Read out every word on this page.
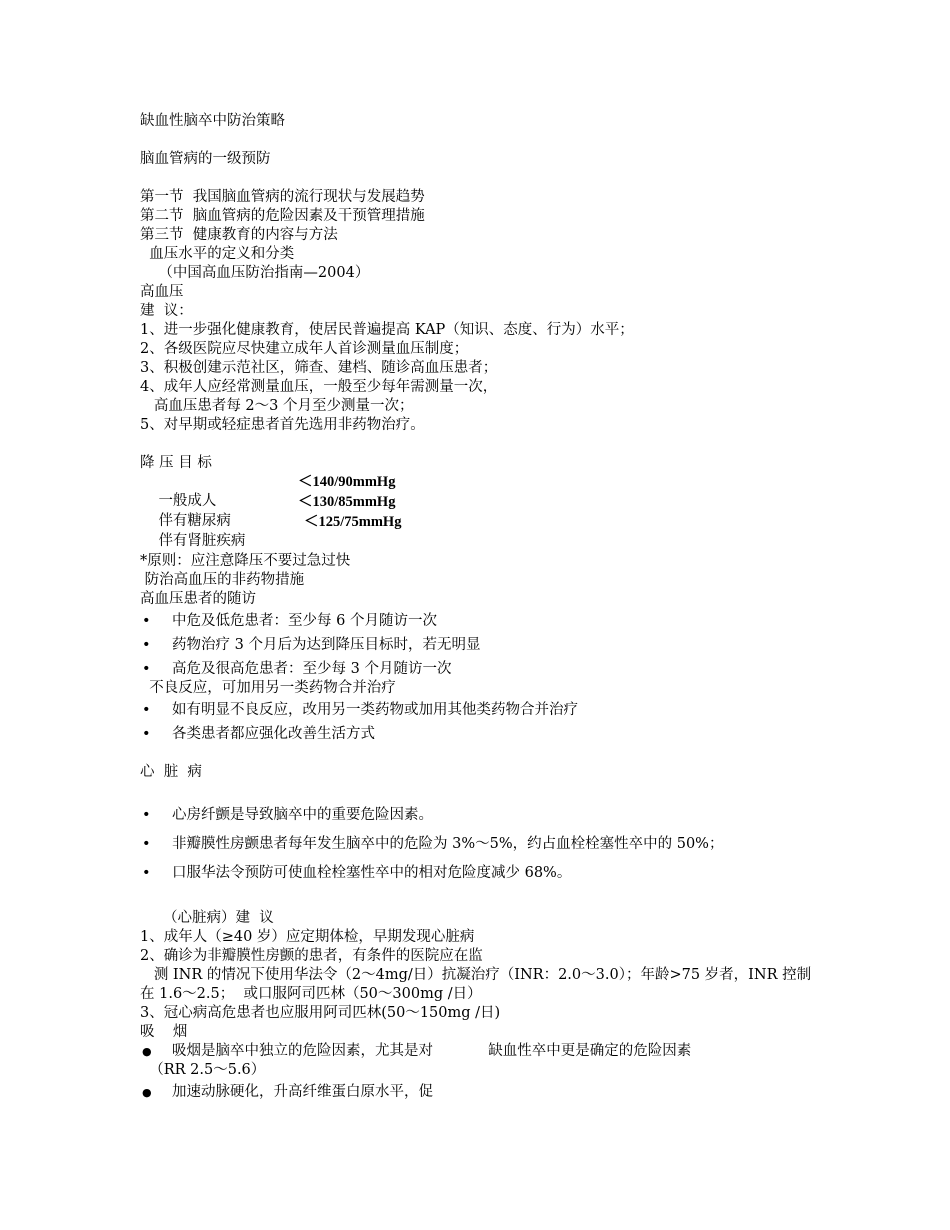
缺血性脑卒中防治策略
脑血管病的一级预防
第一节  我国脑血管病的流行现状与发展趋势
第二节  脑血管病的危险因素及干预管理措施
第三节  健康教育的内容与方法
血压水平的定义和分类
（中国高血压防治指南—2004）
高血压
建  议：
1、进一步强化健康教育，使居民普遍提高 KAP（知识、态度、行为）水平；
2、各级医院应尽快建立成年人首诊测量血压制度；
3、积极创建示范社区，筛查、建档、随诊高血压患者；
4、成年人应经常测量血压，一般至少每年需测量一次，
高血压患者每 2～3 个月至少测量一次；
5、对早期或轻症患者首先选用非药物治疗。
降 压 目 标

一般成人

＜140/90mmHg

伴有糖尿病

＜130/85mmHg

伴有肾脏疾病

＜125/75mmHg

*原则：应注意降压不要过急过快
防治高血压的非药物措施
高血压患者的随访
• 中危及低危患者：至少每 6 个月随访一次
• 药物治疗 3 个月后为达到降压目标时，若无明显
• 高危及很高危患者：至少每 3 个月随访一次
不良反应，可加用另一类药物合并治疗
• 如有明显不良反应，改用另一类药物或加用其他类药物合并治疗
• 各类患者都应强化改善生活方式
心  脏  病
• 心房纤颤是导致脑卒中的重要危险因素。
• 非瓣膜性房颤患者每年发生脑卒中的危险为 3%～5%，约占血栓栓塞性卒中的 50%；
• 口服华法令预防可使血栓栓塞性卒中的相对危险度减少 68%。
（心脏病）建  议
1、成年人（≥40 岁）应定期体检，早期发现心脏病
2、确诊为非瓣膜性房颤的患者，有条件的医院应在监
测 INR 的情况下使用华法令（2～4mg/日）抗凝治疗（INR：2.0～3.0）；年龄>75 岁者，INR 控制
在 1.6～2.5；  或口服阿司匹林（50～300mg /日）
3、冠心病高危患者也应服用阿司匹林(50～150mg /日)
吸    烟
● 吸烟是脑卒中独立的危险因素，尤其是对            缺血性卒中更是确定的危险因素
（RR 2.5～5.6）
● 加速动脉硬化，升高纤维蛋白原水平，促
